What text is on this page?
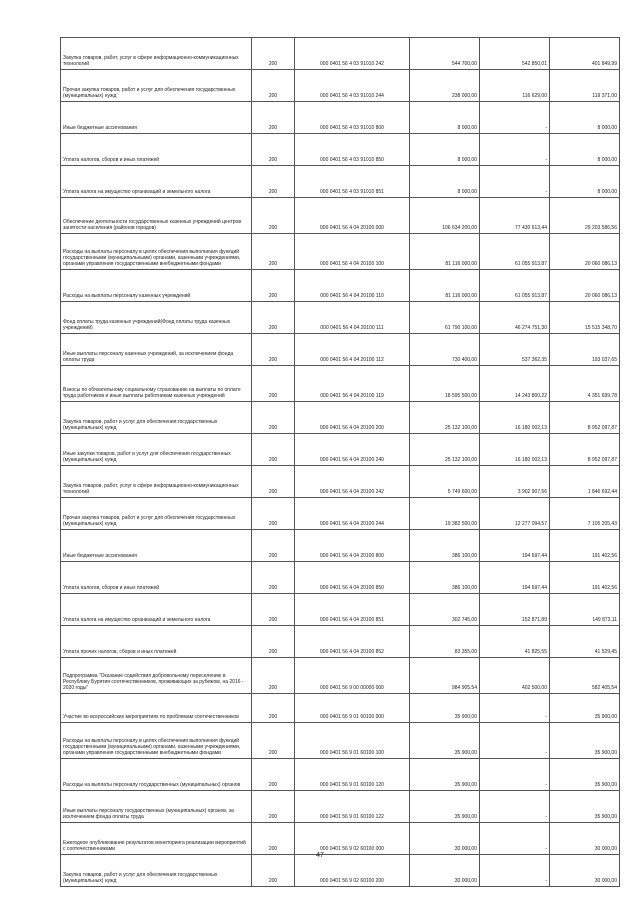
Закупка товаров, работ, услуг в сфере информационно-коммуникационных технологий	200	000 0401 56 4 03 91010 242	544 700,00	542 850,01	401 849,99
Прочая закупка товаров, работ и услуг для обеспечения государственных (муниципальных) нужд	200	000 0401 56 4 03 91010 244	238 000,00	116 629,00	119 371,00
Иные бюджетные ассигнования	200	000 0401 56 4 03 91010 800	8 000,00	-	8 000,00
Уплата налогов, сборов и иных платежей	200	000 0401 56 4 03 91010 850	8 000,00	-	8 000,00
Уплата налога на имущество организаций и земельного налога	200	000 0401 56 4 03 91010 851	8 000,00	-	8 000,00
Обеспечение деятельности государственных казенных учреждений центров занятости населения (районов городов)	200	000 0401 56 4 04 20100 000	106 634 200,00	77 430 613,44	29 203 586,56
Расходы на выплаты персоналу в целях обеспечения выполнения функций государственными (муниципальными) органами, казенными учреждениями, органами управления государственными внебюджетными фондами	200	000 0401 56 4 04 20100 100	81 116 000,00	61 055 913,87	20 060 086,13
Расходы на выплаты персоналу казенных учреждений	200	000 0401 56 4 04 20100 110	81 116 000,00	61 055 913,87	20 060 086,13
Фонд оплаты труда казенных учреждений(Фонд оплаты труда казенных учреждений)	200	000 0401 56 4 04 20100 111	61 790 100,00	46 274 751,30	15 515 348,70
Иные выплаты персоналу казенных учреждений, за исключением фонда оплаты труда	200	000 0401 56 4 04 20100 112	730 400,00	537 362,35	193 037,65
Взносы по обязательному социальному страхованию на выплаты по оплате труда работников и иные выплаты работникам казенных учреждений	200	000 0401 56 4 04 20100 119	18 595 500,00	14 243 800,22	4 351 699,78
Закупка товаров, работ и услуг для обеспечения государственных (муниципальных) нужд	200	000 0401 56 4 04 20100 200	25 132 100,00	16 180 002,13	8 952 097,87
Иные закупки товаров, работ и услуг для обеспечения государственных (муниципальных) нужд	200	000 0401 56 4 04 20100 240	25 132 100,00	16 180 002,13	8 952 097,87
Закупка товаров, работ, услуг в сфере информационно-коммуникационных технологий	200	000 0401 56 4 04 20100 242	5 749 600,00	3 902 907,56	1 846 692,44
Прочая закупка товаров, работ и услуг для обеспечения государственных (муниципальных) нужд	200	000 0401 56 4 04 20100 244	19 382 500,00	12 277 094,57	7 105 205,43
Иные бюджетные ассигнования	200	000 0401 56 4 04 20100 800	386 100,00	194 697,44	191 402,56
Уплата налогов, сборов и иных платежей	200	000 0401 56 4 04 20100 850	386 100,00	194 697,44	191 402,56
Уплата налога на имущество организаций и земельного налога	200	000 0401 56 4 04 20100 851	302 745,00	152 871,89	149 873,11
Уплата прочих налогов, сборов и иных платежей	200	000 0401 56 4 04 20100 852	83 355,00	41 825,55	41 529,45
Подпрограмма "Оказание содействия добровольному переселению в Республику Бурятия соотечественников, проживающих за рубежом, на 2016 - 2020 годы"	200	000 0401 56 9 00 00000 000	984 905,54	402 500,00	582 405,54
Участие во всероссийских мероприятиях по проблемам соотечественников	200	000 0401 56 9 01 60100 000	35 900,00	-	35 900,00
Расходы на выплаты персоналу в целях обеспечения выполнения функций государственными (муниципальными) органами, казенными учреждениями, органами управления государственными внебюджетными фондами	200	000 0401 56 9 01 60100 100	35 900,00	-	35 900,00
Расходы на выплаты персоналу государственных (муниципальных) органов	200	000 0401 56 9 01 60100 120	35 900,00	-	35 900,00
Иные выплаты персоналу государственных (муниципальных) органов, за исключением фонда оплаты труда	200	000 0401 56 9 01 60100 122	35 900,00	-	35 900,00
Ежегодное опубликование результатов мониторинга реализации мероприятий с соотечественниками	200	000 0401 56 9 02 60100 000	30 000,00	-	30 000,00
Закупка товаров, работ и услуг для обеспечения государственных (муниципальных) нужд	200	000 0401 56 9 02 60100 200	30 000,00	-	30 000,00
47
